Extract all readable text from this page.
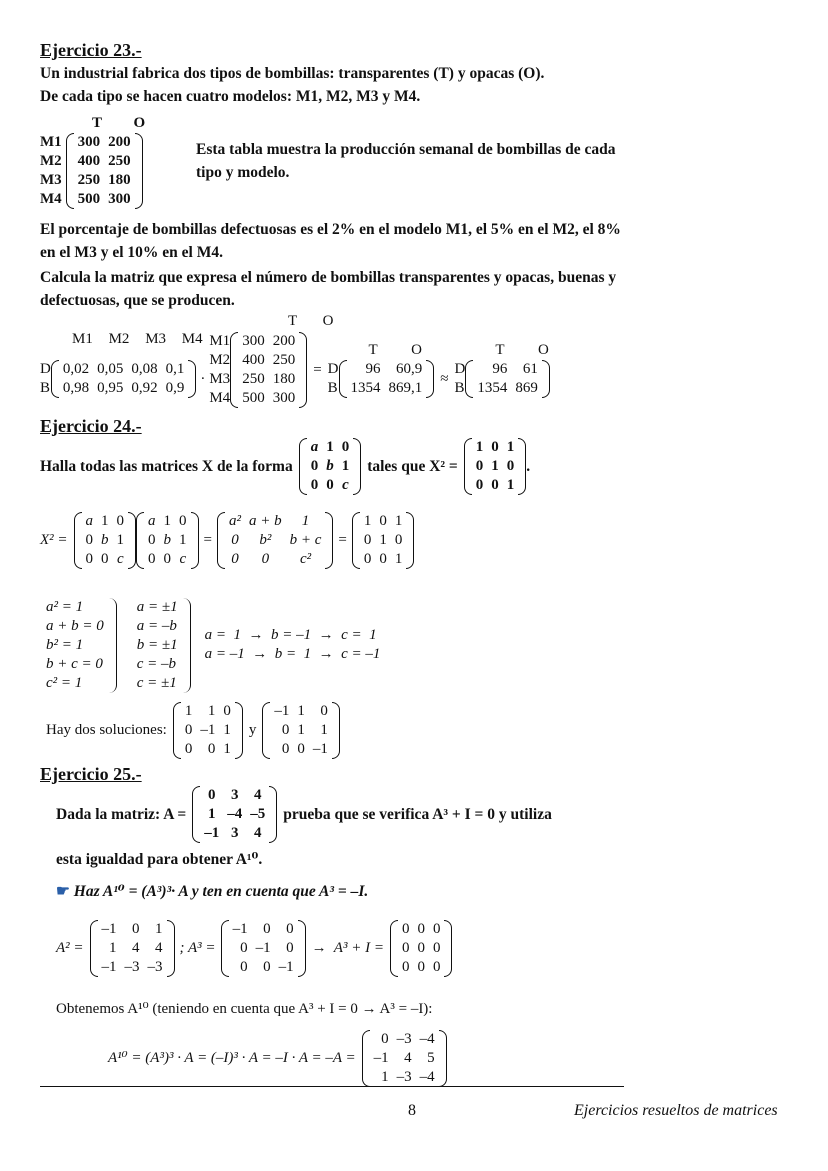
Ejercicio 23.-
Un industrial fabrica dos tipos de bombillas: transparentes (T) y opacas (O).
De cada tipo se hacen cuatro modelos: M1, M2, M3 y M4.
T O
M1
M2
M3
M4
300	200
400	250
250	180
500	300
Esta tabla muestra la producción semanal de bombillas de cada tipo y modelo.
El porcentaje de bombillas defectuosas es el 2% en el modelo M1, el 5% en el M2, el 8% en el M3 y el 10% en el M4.
Calcula la matriz que expresa el número de bombillas transparentes y opacas, buenas y defectuosas, que se producen.
M1 M2 M3 M4
T O
D
B
0,02	0,05	0,08	0,1
0,98	0,95	0,92	0,9
·
M1
M2
M3
M4
300	200
400	250
250	180
500	300
= D
B
T O
96	60,9
1354	869,1
≈
D
B
T O
96	61
1354	869
Ejercicio 24.-
Halla todas las matrices X de la forma
a	1	0
0	b	1
0	0	c
tales que X² =
1	0	1
0	1	0
0	0	1
.
X² =
a	1	0
0	b	1
0	0	c
a	1	0
0	b	1
0	0	c
=
a²	a + b	1
0	b²	b + c
0	0	c²
=
1	0	1
0	1	0
0	0	1
a² = 1
a + b = 0
b² = 1
b + c = 0
c² = 1
a = ±1
a = –b
b = ±1
c = –b
c = ±1

a =  1  →  b = –1  →  c =  1
a = –1  →  b =  1  →  c = –1

Hay dos soluciones:
1	1	0
0	–1	1
0	0	1
y
–1	1	0
0	1	1
0	0	–1
Ejercicio 25.-
Dada la matriz: A =
0	3	4
1	–4	–5
–1	3	4
prueba que se verifica A³ + I = 0 y utiliza
esta igualdad para obtener A¹⁰.
☛ Haz A¹⁰ = (A³)³· A y ten en cuenta que A³ = –I.
A² =
–1	0	1
1	4	4
–1	–3	–3
; A³ =
–1	0	0
0	–1	0
0	0	–1
→  A³ + I =
0	0	0
0	0	0
0	0	0
Obtenemos A¹⁰ (teniendo en cuenta que A³ + I = 0 → A³ = –I):
A¹⁰ = (A³)³ · A = (–I)³ · A = –I · A = –A =
0	–3	–4
–1	4	5
1	–3	–4
8	Ejercicios resueltos de matrices
